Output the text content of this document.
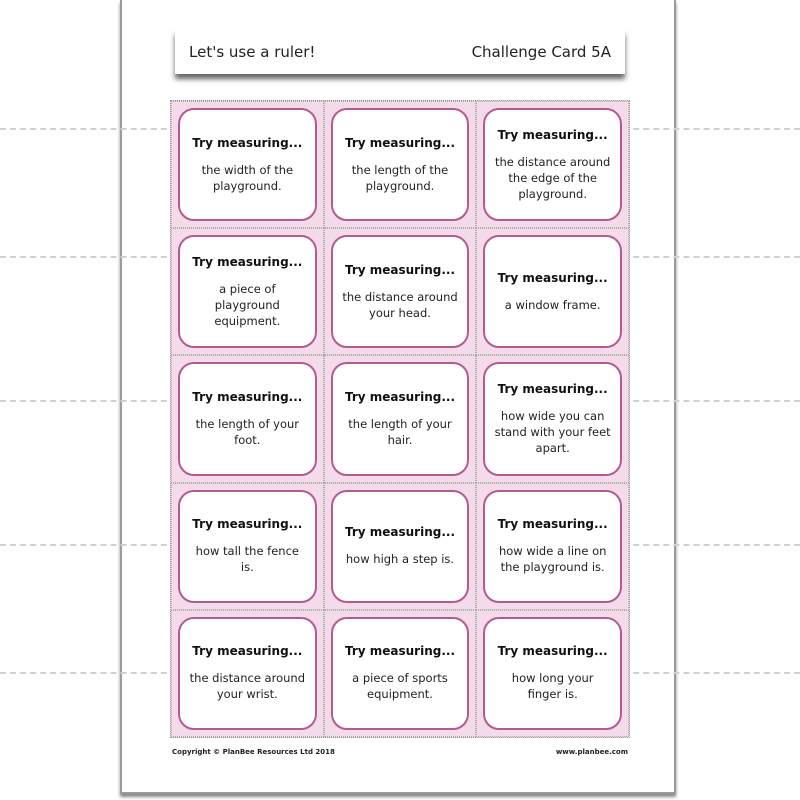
Let's use a ruler!	Challenge Card 5A
Try measuring...
the width of the playground.
Try measuring...
the length of the playground.
Try measuring...
the distance around the edge of the playground.
Try measuring...
a piece of playground equipment.
Try measuring...
the distance around your head.
Try measuring...
a window frame.
Try measuring...
the length of your foot.
Try measuring...
the length of your hair.
Try measuring...
how wide you can stand with your feet apart.
Try measuring...
how tall the fence is.
Try measuring...
how high a step is.
Try measuring...
how wide a line on the playground is.
Try measuring...
the distance around your wrist.
Try measuring...
a piece of sports equipment.
Try measuring...
how long your finger is.
Copyright © PlanBee Resources Ltd 2018	www.planbee.com
